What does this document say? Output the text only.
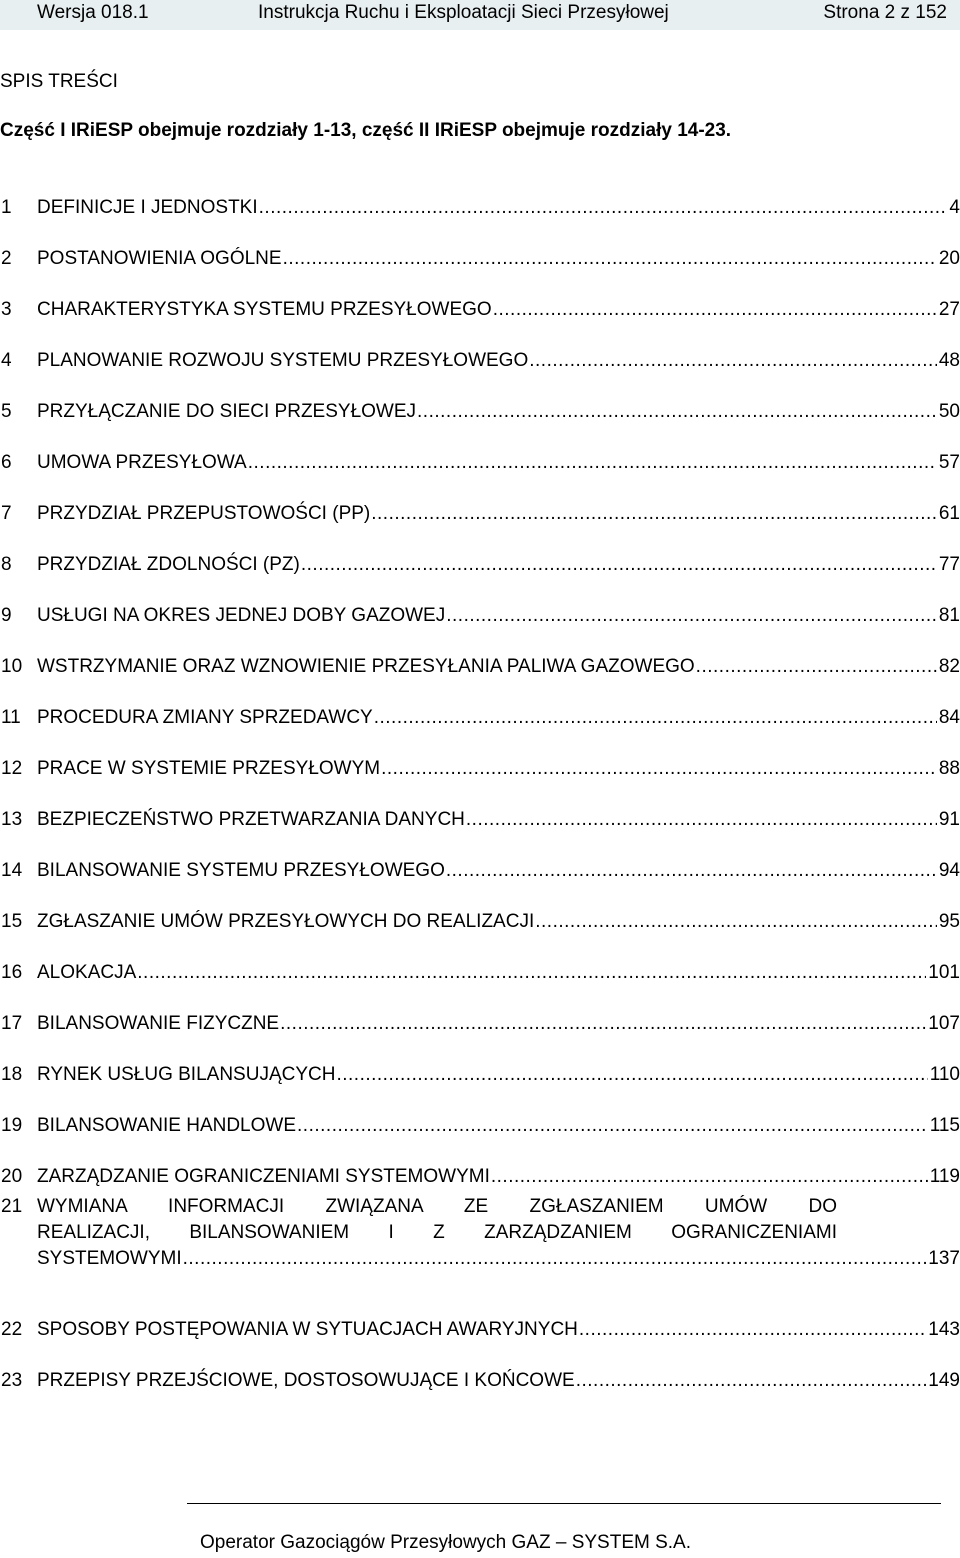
Wersja 018.1	Instrukcja Ruchu i Eksploatacji Sieci Przesyłowej	Strona 2 z 152
SPIS TREŚCI
Część I IRiESP obejmuje rozdziały 1-13, część II IRiESP obejmuje rozdziały 14-23.
1	DEFINICJE I JEDNOSTKI .....	4
2	POSTANOWIENIA OGÓLNE .....	20
3	CHARAKTERYSTYKA SYSTEMU PRZESYŁOWEGO .....	27
4	PLANOWANIE ROZWOJU SYSTEMU PRZESYŁOWEGO .....	48
5	PRZYŁĄCZANIE DO SIECI PRZESYŁOWEJ .....	50
6	UMOWA PRZESYŁOWA .....	57
7	PRZYDZIAŁ PRZEPUSTOWOŚCI (PP) .....	61
8	PRZYDZIAŁ ZDOLNOŚCI (PZ) .....	77
9	USŁUGI NA OKRES JEDNEJ DOBY GAZOWEJ .....	81
10 WSTRZYMANIE ORAZ WZNOWIENIE PRZESYŁANIA PALIWA GAZOWEGO .....	82
11 PROCEDURA ZMIANY SPRZEDAWCY .....	84
12 PRACE W SYSTEMIE PRZESYŁOWYM .....	88
13 BEZPIECZEŃSTWO PRZETWARZANIA DANYCH .....	91
14 BILANSOWANIE SYSTEMU PRZESYŁOWEGO .....	94
15 ZGŁASZANIE UMÓW PRZESYŁOWYCH DO REALIZACJI .....	95
16 ALOKACJA .....	101
17 BILANSOWANIE FIZYCZNE .....	107
18 RYNEK USŁUG BILANSUJĄCYCH .....	110
19 BILANSOWANIE HANDLOWE .....	115
20 ZARZĄDZANIE OGRANICZENIAMI SYSTEMOWYMI .....	119
21 WYMIANA INFORMACJI ZWIĄZANA ZE ZGŁASZANIEM UMÓW DO
REALIZACJI, BILANSOWANIEM I Z ZARZĄDZANIEM OGRANICZENIAMI
SYSTEMOWYMI .....	137
22 SPOSOBY POSTĘPOWANIA W SYTUACJACH AWARYJNYCH .....	143
23 PRZEPISY PRZEJŚCIOWE, DOSTOSOWUJĄCE I KOŃCOWE .....	149
Operator Gazociągów Przesyłowych GAZ – SYSTEM S.A.
